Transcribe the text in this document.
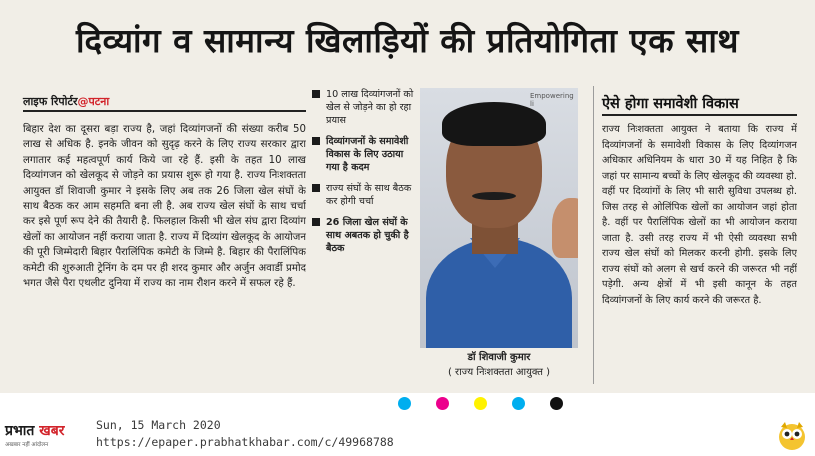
दिव्यांग व सामान्य खिलाड़ियों की प्रतियोगिता एक साथ
लाइफ रिपोर्टर@पटना
बिहार देश का दूसरा बड़ा राज्य है, जहां दिव्यांगजनों की संख्या करीब 50 लाख से अधिक है. इनके जीवन को सुदृढ़ करने के लिए राज्य सरकार द्वारा लगातार कई महत्वपूर्ण कार्य किये जा रहे हैं. इसी के तहत 10 लाख दिव्यांगजन को खेलकूद से जोड़ने का प्रयास शुरू हो गया है. राज्य निःशक्तता आयुक्त डॉ शिवाजी कुमार ने इसके लिए अब तक 26 जिला खेल संघों के साथ बैठक कर आम सहमति बना ली है. अब राज्य खेल संघों के साथ चर्चा कर इसे पूर्ण रूप देने की तैयारी है. फिलहाल किसी भी खेल संघ द्वारा दिव्यांग खेलों का आयोजन नहीं कराया जाता है. राज्य में दिव्यांग खेलकूद के आयोजन की पूरी जिम्मेदारी बिहार पैरालिंपिक कमेटी के जिम्मे है. बिहार की पैरालिंपिक कमेटी की शुरुआती ट्रेनिंग के दम पर ही शरद कुमार और अर्जुन अवार्डी प्रमोद भगत जैसे पैरा एथलीट दुनिया में राज्य का नाम रौशन करने में सफल रहे हैं.
10 लाख दिव्यांगजनों को खेल से जोड़ने का हो रहा प्रयास
दिव्यांगजनों के समावेशी विकास के लिए उठाया गया है कदम
राज्य संघों के साथ बैठक कर होगी चर्चा
26 जिला खेल संघों के साथ अबतक हो चुकी है बैठक
Empowering li
डॉ शिवाजी कुमार
( राज्य निःशक्तता आयुक्त )
ऐसे होगा समावेशी विकास
राज्य निःशक्तता आयुक्त ने बताया कि राज्य में दिव्यांगजनों के समावेशी विकास के लिए दिव्यांगजन अधिकार अधिनियम के धारा 30 में यह निहित है कि जहां पर सामान्य बच्चों के लिए खेलकूद की व्यवस्था हो. वहीं पर दिव्यांगों के लिए भी सारी सुविधा उपलब्ध हो. जिस तरह से ओलिंपिक खेलों का आयोजन जहां होता है. वहीं पर पैरालिंपिक खेलों का भी आयोजन कराया जाता है. उसी तरह राज्य में भी ऐसी व्यवस्था सभी राज्य खेल संघों को मिलकर करनी होगी. इसके लिए राज्य संघों को अलग से खर्च करने की जरूरत भी नहीं पड़ेगी. अन्य क्षेत्रों में भी इसी कानून के तहत दिव्यांगजनों के लिए कार्य करने की जरूरत है.
प्रभात खबर
अखबार नहीं आंदोलन
Sun, 15 March 2020
https://epaper.prabhatkhabar.com/c/49968788
